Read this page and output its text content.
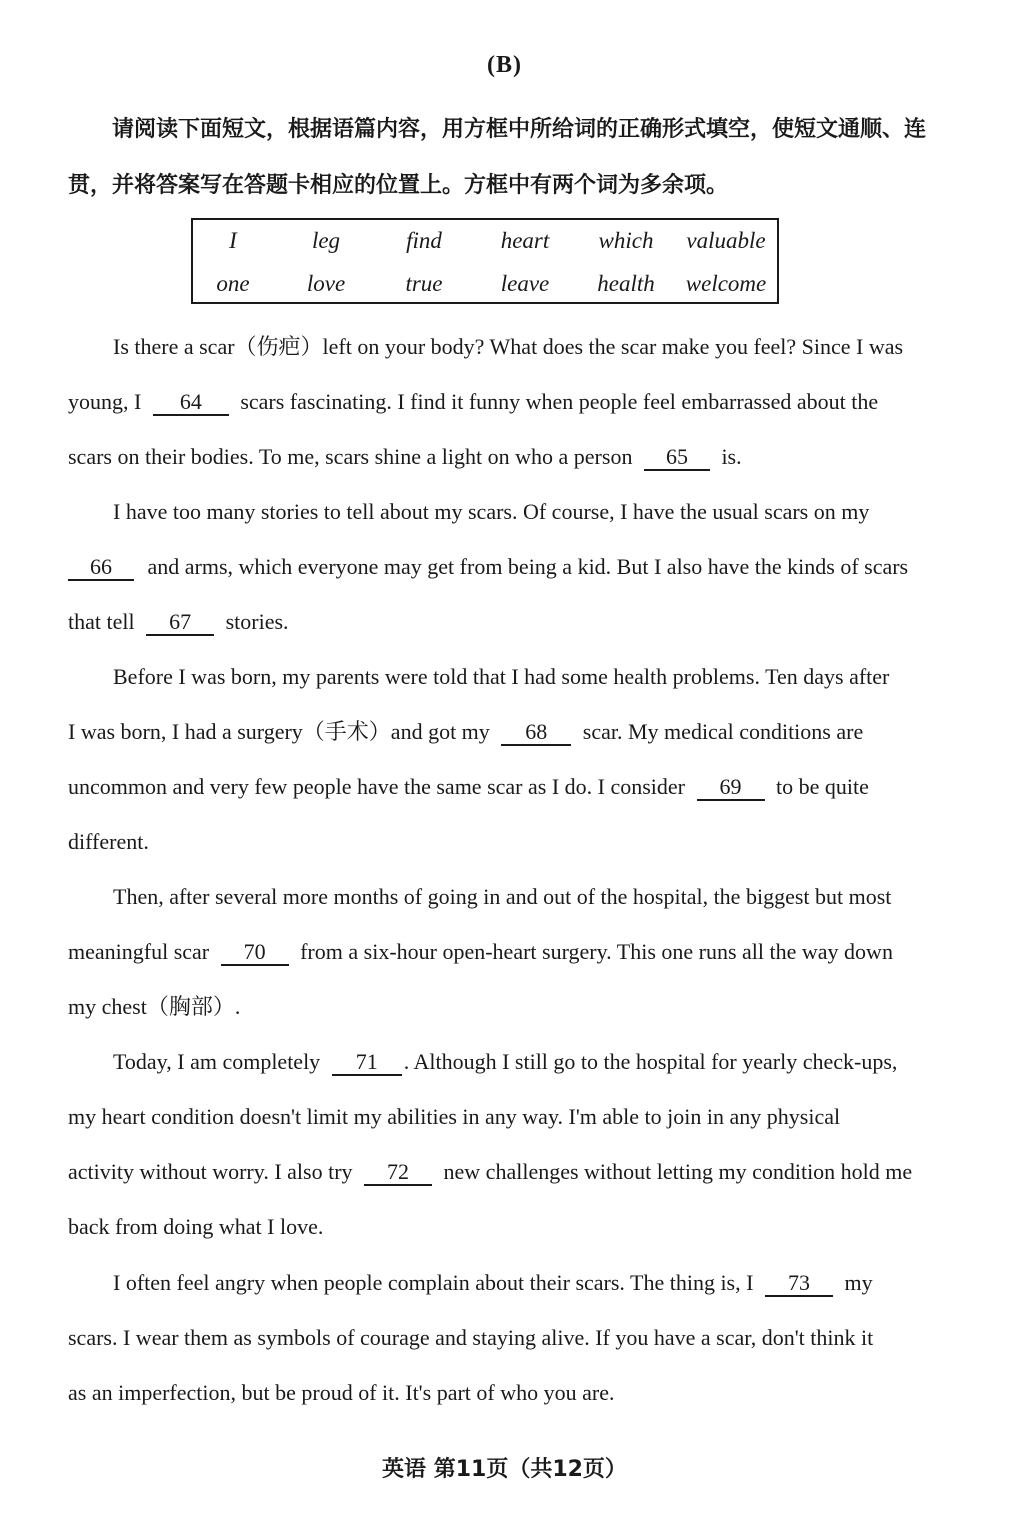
(B)
请阅读下面短文，根据语篇内容，用方框中所给词的正确形式填空，使短文通顺、连
贯，并将答案写在答题卡相应的位置上。方框中有两个词为多余项。
I	leg	find	heart	which	valuable
one	love	true	leave	health	welcome
Is there a scar（伤疤）left on your body? What does the scar make you feel? Since I was
young, I 64 scars fascinating. I find it funny when people feel embarrassed about the
scars on their bodies. To me, scars shine a light on who a person 65 is.
I have too many stories to tell about my scars. Of course, I have the usual scars on my
66 and arms, which everyone may get from being a kid. But I also have the kinds of scars
that tell 67 stories.
Before I was born, my parents were told that I had some health problems. Ten days after
I was born, I had a surgery（手术）and got my 68 scar. My medical conditions are
uncommon and very few people have the same scar as I do. I consider 69 to be quite
different.
Then, after several more months of going in and out of the hospital, the biggest but most
meaningful scar 70 from a six-hour open-heart surgery. This one runs all the way down
my chest（胸部）.
Today, I am completely 71 . Although I still go to the hospital for yearly check-ups,
my heart condition doesn't limit my abilities in any way. I'm able to join in any physical
activity without worry. I also try 72 new challenges without letting my condition hold me
back from doing what I love.
I often feel angry when people complain about their scars. The thing is, I 73 my
scars. I wear them as symbols of courage and staying alive. If you have a scar, don't think it
as an imperfection, but be proud of it. It's part of who you are.
英语 第11页（共12页）
